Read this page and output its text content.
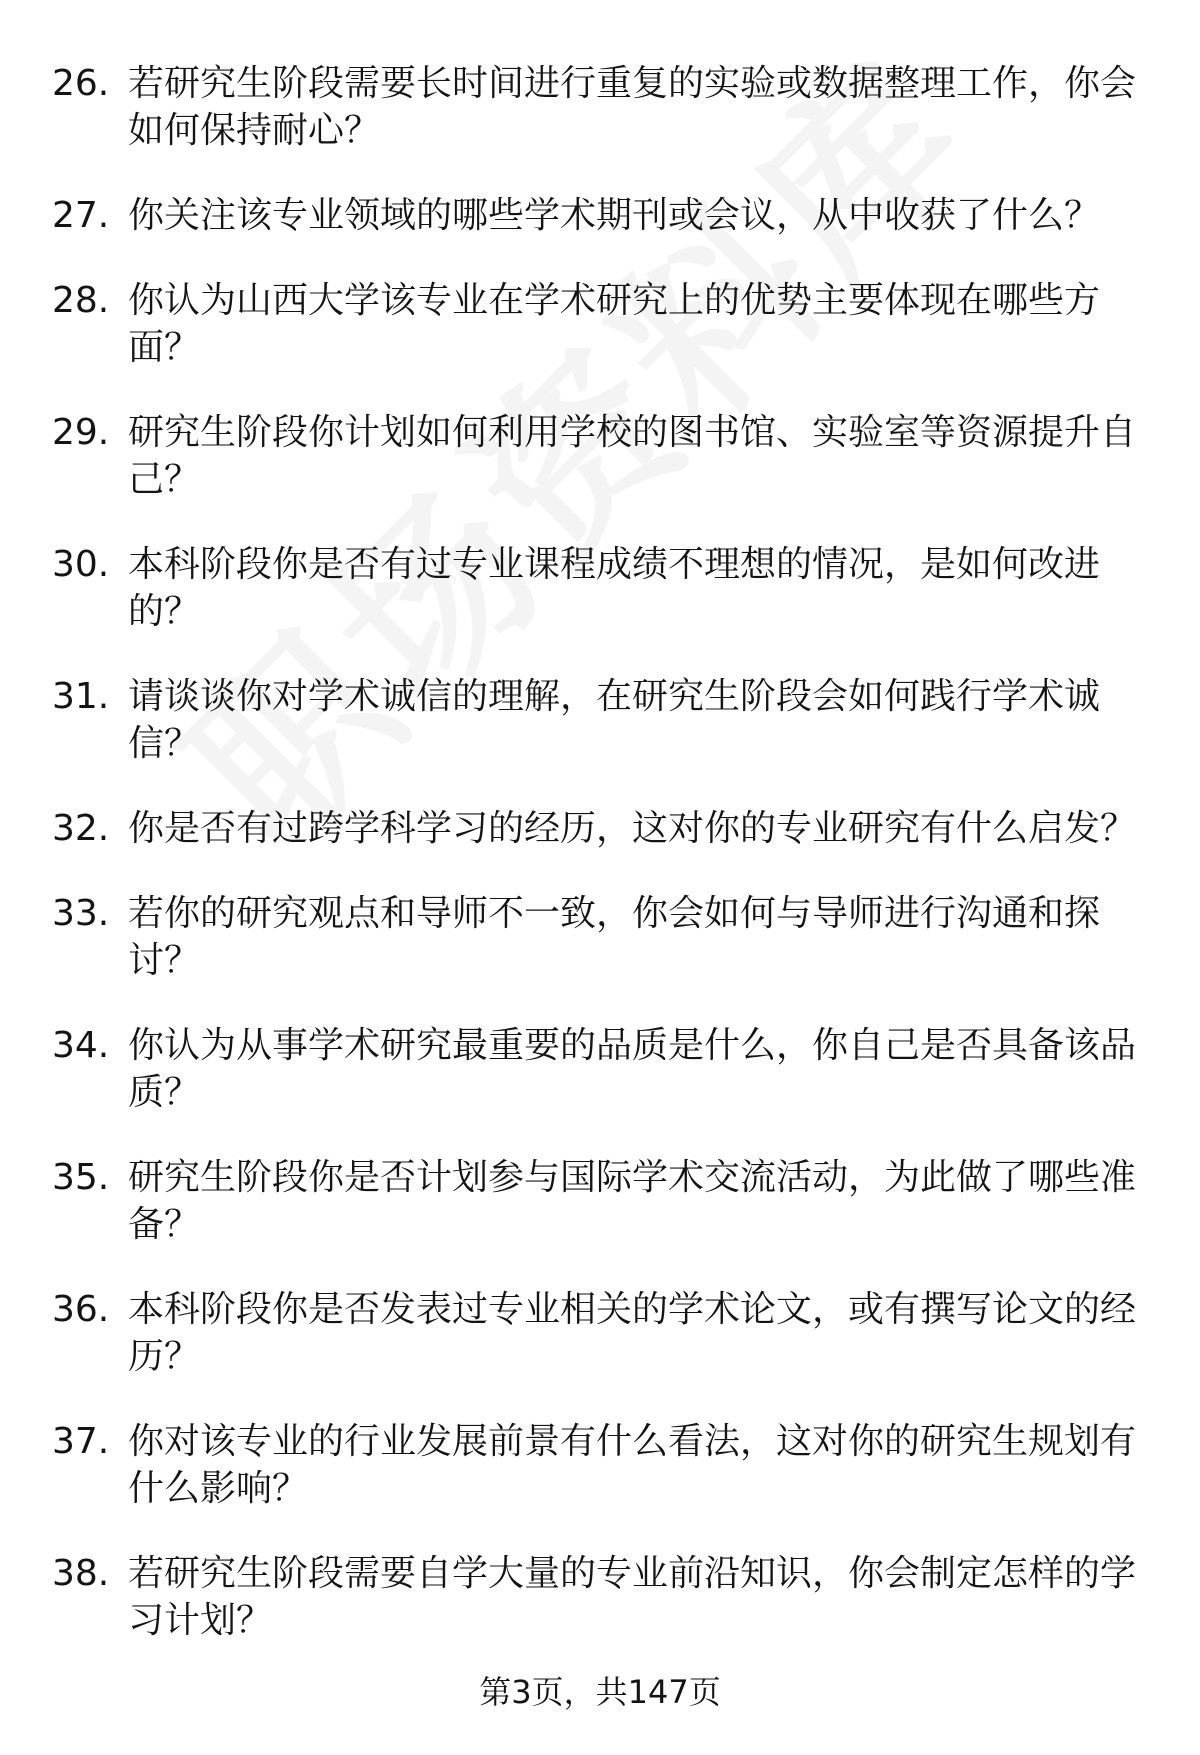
26. 若研究生阶段需要长时间进行重复的实验或数据整理工作，你会如何保持耐心？
27. 你关注该专业领域的哪些学术期刊或会议，从中收获了什么？
28. 你认为山西大学该专业在学术研究上的优势主要体现在哪些方面？
29. 研究生阶段你计划如何利用学校的图书馆、实验室等资源提升自己？
30. 本科阶段你是否有过专业课程成绩不理想的情况，是如何改进的？
31. 请谈谈你对学术诚信的理解，在研究生阶段会如何践行学术诚信？
32. 你是否有过跨学科学习的经历，这对你的专业研究有什么启发？
33. 若你的研究观点和导师不一致，你会如何与导师进行沟通和探讨？
34. 你认为从事学术研究最重要的品质是什么，你自己是否具备该品质？
35. 研究生阶段你是否计划参与国际学术交流活动，为此做了哪些准备？
36. 本科阶段你是否发表过专业相关的学术论文，或有撰写论文的经历？
37. 你对该专业的行业发展前景有什么看法，这对你的研究生规划有什么影响？
38. 若研究生阶段需要自学大量的专业前沿知识，你会制定怎样的学习计划？
第3页，共147页
